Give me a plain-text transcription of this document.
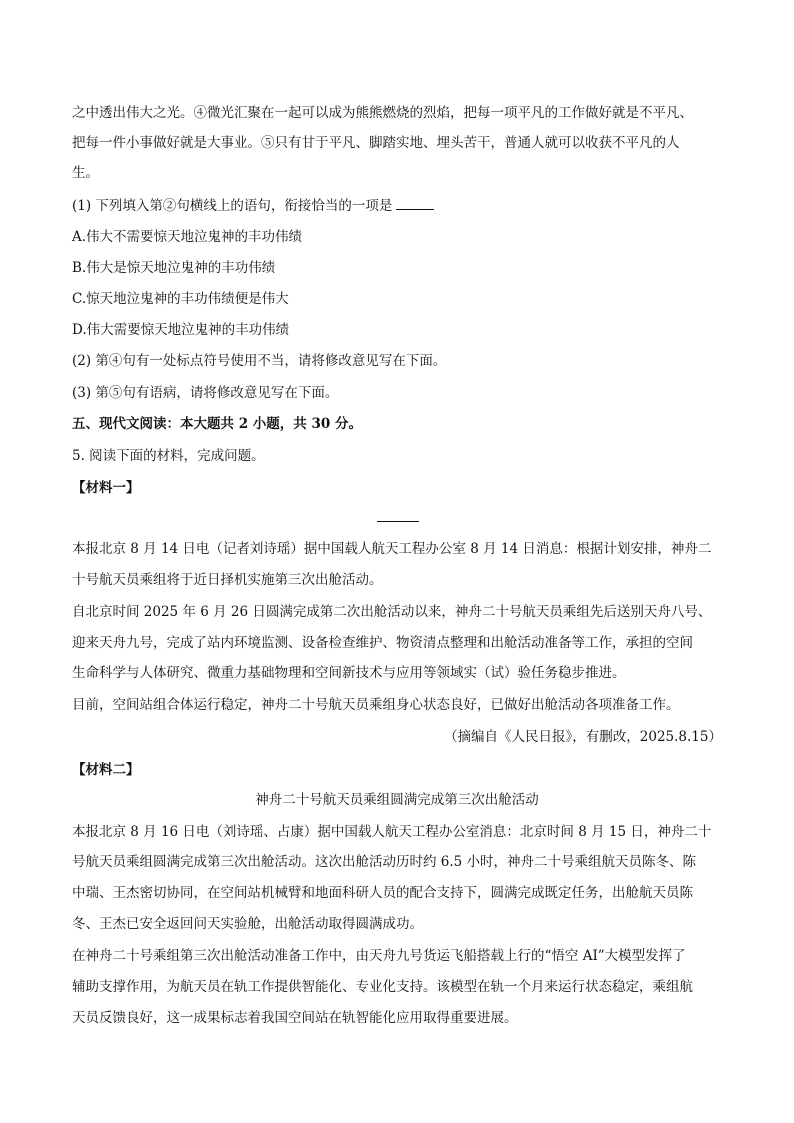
之中透出伟大之光。④微光汇聚在一起可以成为熊熊燃烧的烈焰，把每一项平凡的工作做好就是不平凡、
把每一件小事做好就是大事业。⑤只有甘于平凡、脚踏实地、埋头苦干，普通人就可以收获不平凡的人
生。
(1) 下列填入第②句横线上的语句，衔接恰当的一项是
A.伟大不需要惊天地泣鬼神的丰功伟绩
B.伟大是惊天地泣鬼神的丰功伟绩
C.惊天地泣鬼神的丰功伟绩便是伟大
D.伟大需要惊天地泣鬼神的丰功伟绩
(2) 第④句有一处标点符号使用不当，请将修改意见写在下面。
(3) 第⑤句有语病，请将修改意见写在下面。
五、现代文阅读：本大题共 2 小题，共 30 分。
5. 阅读下面的材料，完成问题。
【材料一】
本报北京 8 月 14 日电（记者刘诗瑶）据中国载人航天工程办公室 8 月 14 日消息：根据计划安排，神舟二
十号航天员乘组将于近日择机实施第三次出舱活动。
自北京时间 2025 年 6 月 26 日圆满完成第二次出舱活动以来，神舟二十号航天员乘组先后送别天舟八号、
迎来天舟九号，完成了站内环境监测、设备检查维护、物资清点整理和出舱活动准备等工作，承担的空间
生命科学与人体研究、微重力基础物理和空间新技术与应用等领域实（试）验任务稳步推进。
目前，空间站组合体运行稳定，神舟二十号航天员乘组身心状态良好，已做好出舱活动各项准备工作。
（摘编自《人民日报》，有删改，2025.8.15）
【材料二】
神舟二十号航天员乘组圆满完成第三次出舱活动
本报北京 8 月 16 日电（刘诗瑶、占康）据中国载人航天工程办公室消息：北京时间 8 月 15 日，神舟二十
号航天员乘组圆满完成第三次出舱活动。这次出舱活动历时约 6.5 小时，神舟二十号乘组航天员陈冬、陈
中瑞、王杰密切协同，在空间站机械臂和地面科研人员的配合支持下，圆满完成既定任务，出舱航天员陈
冬、王杰已安全返回问天实验舱，出舱活动取得圆满成功。
在神舟二十号乘组第三次出舱活动准备工作中，由天舟九号货运飞船搭载上行的“悟空 AI”大模型发挥了
辅助支撑作用，为航天员在轨工作提供智能化、专业化支持。该模型在轨一个月来运行状态稳定，乘组航
天员反馈良好，这一成果标志着我国空间站在轨智能化应用取得重要进展。
